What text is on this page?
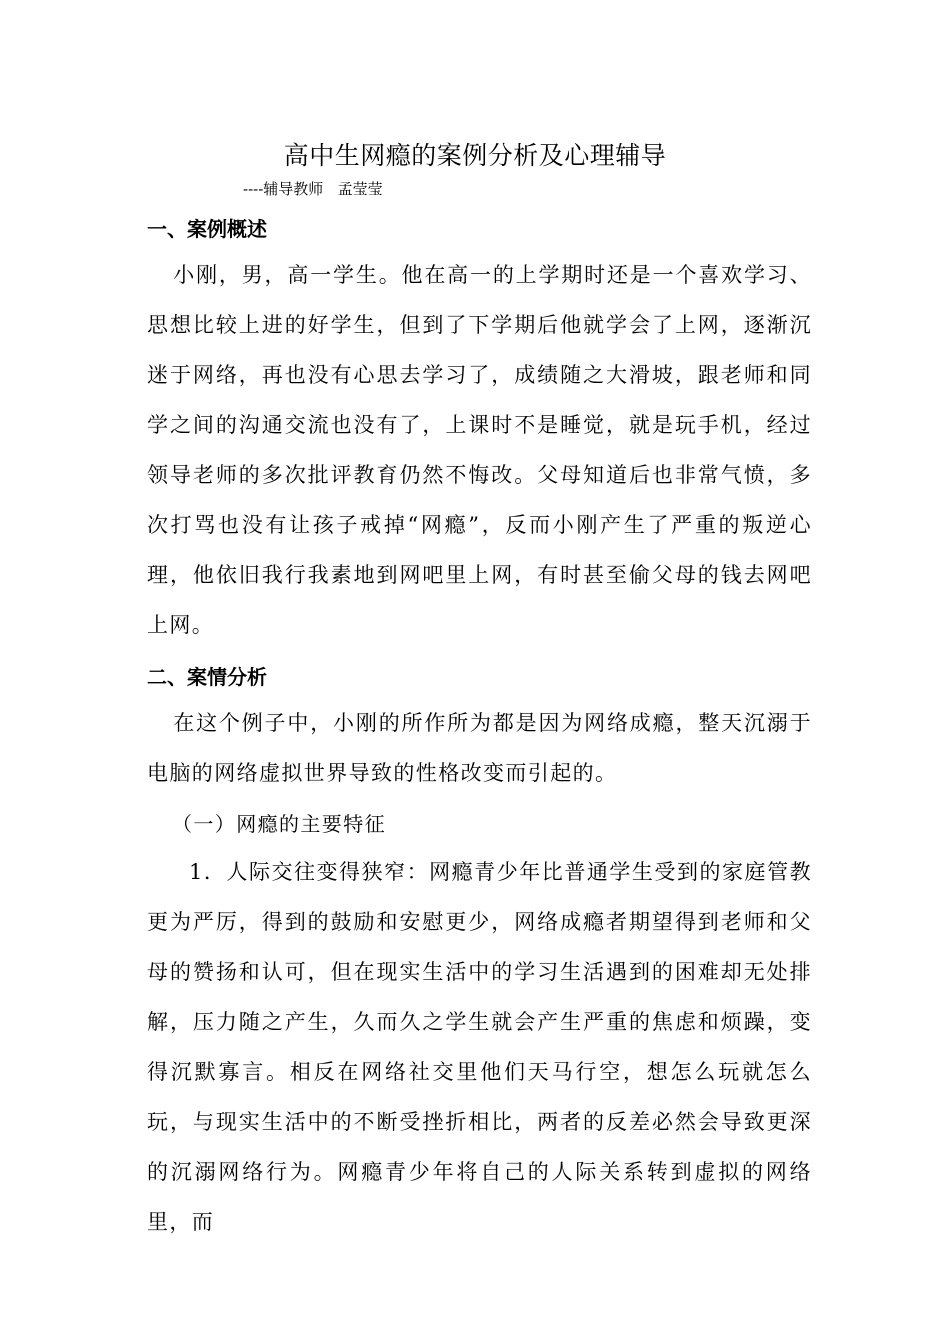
高中生网瘾的案例分析及心理辅导
----辅导教师   孟莹莹
一、案例概述

小刚，男，高一学生。他在高一的上学期时还是一个喜欢学习、思想比较上进的好学生，但到了下学期后他就学会了上网，逐渐沉迷于网络，再也没有心思去学习了，成绩随之大滑坡，跟老师和同学之间的沟通交流也没有了，上课时不是睡觉，就是玩手机，经过领导老师的多次批评教育仍然不悔改。父母知道后也非常气愤，多次打骂也没有让孩子戒掉“网瘾”，反而小刚产生了严重的叛逆心理，他依旧我行我素地到网吧里上网，有时甚至偷父母的钱去网吧上网。

二、案情分析

在这个例子中，小刚的所作所为都是因为网络成瘾，整天沉溺于电脑的网络虚拟世界导致的性格改变而引起的。

（一）网瘾的主要特征

1．人际交往变得狭窄：网瘾青少年比普通学生受到的家庭管教更为严厉，得到的鼓励和安慰更少，网络成瘾者期望得到老师和父母的赞扬和认可，但在现实生活中的学习生活遇到的困难却无处排解，压力随之产生，久而久之学生就会产生严重的焦虑和烦躁，变得沉默寡言。相反在网络社交里他们天马行空，想怎么玩就怎么玩，与现实生活中的不断受挫折相比，两者的反差必然会导致更深的沉溺网络行为。网瘾青少年将自己的人际关系转到虚拟的网络里，而
